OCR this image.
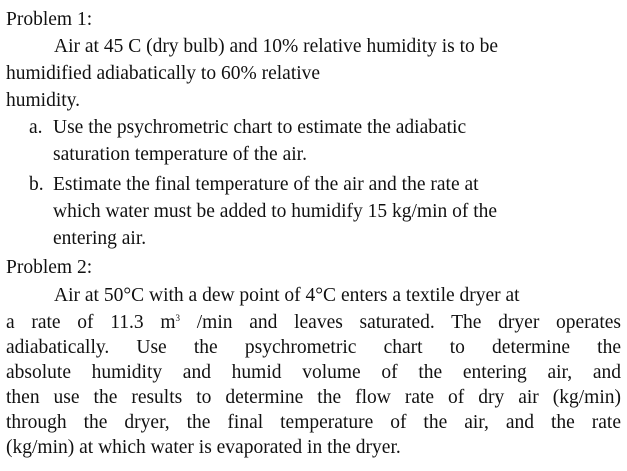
Problem 1:
Air at 45 C (dry bulb) and 10% relative humidity is to be
humidified adiabatically to 60% relative
humidity.
a. Use the psychrometric chart to estimate the adiabatic
saturation temperature of the air.
b. Estimate the final temperature of the air and the rate at
which water must be added to humidify 15 kg/min of the
entering air.
Problem 2:
Air at 50°C with a dew point of 4°C enters a textile dryer at
a rate of 11.3 $m^3$ /min and leaves saturated. The dryer operates
adiabatically. Use the psychrometric chart to determine the
absolute humidity and humid volume of the entering air, and
then use the results to determine the flow rate of dry air (kg/min)
through the dryer, the final temperature of the air, and the rate
(kg/min) at which water is evaporated in the dryer.
